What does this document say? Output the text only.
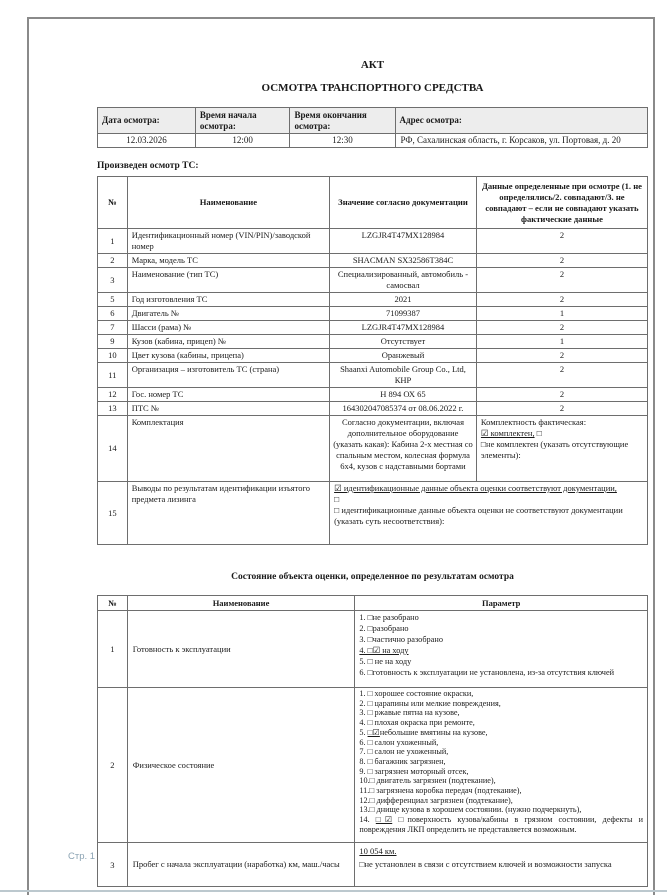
АКТ
ОСМОТРА ТРАНСПОРТНОГО СРЕДСТВА
Дата осмотра:	Время начала осмотра:	Время окончания осмотра:	Адрес осмотра:
12.03.2026	12:00	12:30	РФ, Сахалинская область, г. Корсаков, ул. Портовая, д. 20
Произведен осмотр ТС:
№	Наименование	Значение согласно документации	Данные определенные при осмотре (1. не определялись/2. совпадают/3. не совпадают – если не совпадают указать фактические данные
1	Идентификационный номер (VIN/PIN)/заводской номер	LZGJR4T47MX128984	2
2	Марка, модель ТС	SHACMAN SX32586T384C	2
3	Наименование (тип ТС)	Специализированный, автомобиль - самосвал	2
5	Год изготовления ТС	2021	2
6	Двигатель №	71099387	1
7	Шасси (рама) №	LZGJR4T47MX128984	2
9	Кузов (кабина, прицеп) №	Отсутствует	1
10	Цвет кузова (кабины, прицепа)	Оранжевый	2
11	Организация – изготовитель ТС (страна)	Shaanxi Automobile Group Co., Ltd, КНР	2
12	Гос. номер ТС	Н 894 ОХ 65	2
13	ПТС №	164302047085374 от 08.06.2022 г.	2
14	Комплектация	Согласно документации, включая дополнительное оборудование (указать какая): Кабина 2-х местная со спальным местом, колесная формула 6х4, кузов с надставными бортами	Комплектность фактическая:
☑ комплектен, □
□не комплектен (указать отсутствующие элементы):

15	Выводы по результатам идентификации изъятого предмета лизинга	☑ идентификационные данные объекта оценки соответствуют документации,
□
□ идентификационные данные объекта оценки не соответствуют документации (указать суть несоответствия):	
Состояние объекта оценки, определенное по результатам осмотра
№	Наименование	Параметр
1	Готовность к эксплуатации	
1. □не разобрано
2. □разобрано
3. □частично разобрано
4. □☑ на ходу
5. □ не на ходу
6. □готовность к эксплуатации не установлена, из-за отсутствия ключей

2	Физическое состояние	
1. □ хорошее состояние окраски,
2. □ царапины или мелкие повреждения,
3. □ ржавые пятна на кузове,
4. □ плохая окраска при ремонте,
5. □☑небольшие вмятины на кузове,
6. □ салон ухоженный,
7. □ салон не ухоженный,
8. □ багажник загрязнен,
9. □ загрязнен моторный отсек,
10.□ двигатель загрязнен (подтекание),
11.□ загрязнена коробка передач (подтекание),
12.□ дифференциал загрязнен (подтекание),
13.□ днище кузова в хорошем состоянии. (нужно подчеркнуть),
14. □☑ □поверхность кузова/кабины в грязном состоянии, дефекты и повреждения ЛКП определить не представляется возможным.

3	Пробег с начала эксплуатации (наработка) км, маш./часы	10 054 км.
□не установлен в связи с отсутствием ключей и возможности запуска
Стр. 1
